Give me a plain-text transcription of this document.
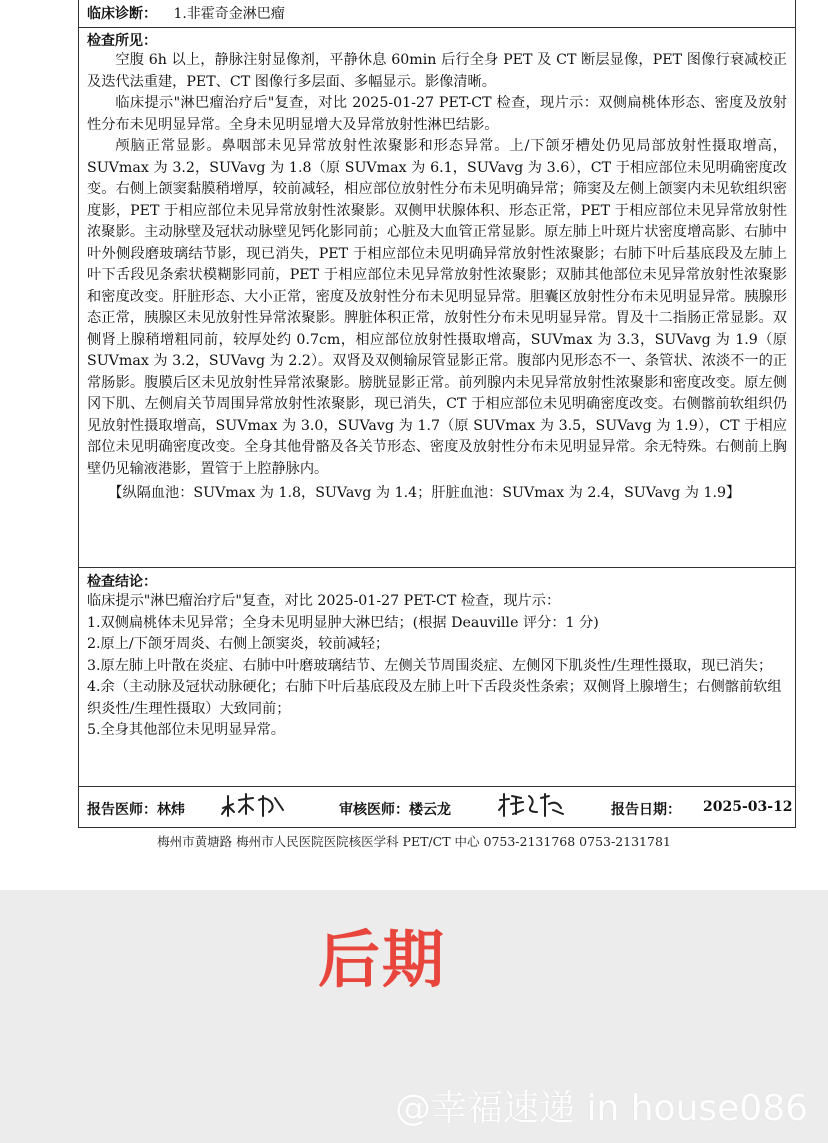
临床诊断： 1.非霍奇金淋巴瘤
检查所见：

空腹 6h 以上，静脉注射显像剂，平静休息 60min 后行全身 PET 及 CT 断层显像，PET 图像行衰减校正及迭代法重建，PET、CT 图像行多层面、多幅显示。影像清晰。

临床提示"淋巴瘤治疗后"复查，对比 2025-01-27 PET-CT 检查，现片示：双侧扁桃体形态、密度及放射性分布未见明显异常。全身未见明显增大及异常放射性淋巴结影。

颅脑正常显影。鼻咽部未见异常放射性浓聚影和形态异常。上/下颌牙槽处仍见局部放射性摄取增高，SUVmax 为 3.2，SUVavg 为 1.8（原 SUVmax 为 6.1，SUVavg 为 3.6），CT 于相应部位未见明确密度改变。右侧上颌窦黏膜稍增厚，较前减轻，相应部位放射性分布未见明确异常；筛窦及左侧上颌窦内未见软组织密度影，PET 于相应部位未见异常放射性浓聚影。双侧甲状腺体积、形态正常，PET 于相应部位未见异常放射性浓聚影。主动脉壁及冠状动脉壁见钙化影同前；心脏及大血管正常显影。原左肺上叶斑片状密度增高影、右肺中叶外侧段磨玻璃结节影，现已消失，PET 于相应部位未见明确异常放射性浓聚影；右肺下叶后基底段及左肺上叶下舌段见条索状模糊影同前，PET 于相应部位未见异常放射性浓聚影；双肺其他部位未见异常放射性浓聚影和密度改变。肝脏形态、大小正常，密度及放射性分布未见明显异常。胆囊区放射性分布未见明显异常。胰腺形态正常，胰腺区未见放射性异常浓聚影。脾脏体积正常，放射性分布未见明显异常。胃及十二指肠正常显影。双侧肾上腺稍增粗同前，较厚处约 0.7cm，相应部位放射性摄取增高，SUVmax 为 3.3，SUVavg 为 1.9（原 SUVmax 为 3.2，SUVavg 为 2.2）。双肾及双侧输尿管显影正常。腹部内见形态不一、条管状、浓淡不一的正常肠影。腹膜后区未见放射性异常浓聚影。膀胱显影正常。前列腺内未见异常放射性浓聚影和密度改变。原左侧冈下肌、左侧肩关节周围异常放射性浓聚影，现已消失，CT 于相应部位未见明确密度改变。右侧髂前软组织仍见放射性摄取增高，SUVmax 为 3.0，SUVavg 为 1.7（原 SUVmax 为 3.5，SUVavg 为 1.9），CT 于相应部位未见明确密度改变。全身其他骨骼及各关节形态、密度及放射性分布未见明显异常。余无特殊。右侧前上胸壁仍见输液港影，置管于上腔静脉内。

【纵隔血池：SUVmax 为 1.8，SUVavg 为 1.4；肝脏血池：SUVmax 为 2.4，SUVavg 为 1.9】

检查结论：

临床提示"淋巴瘤治疗后"复查，对比 2025-01-27 PET-CT 检查，现片示：

1.双侧扁桃体未见异常；全身未见明显肿大淋巴结；(根据 Deauville 评分：1 分)

2.原上/下颌牙周炎、右侧上颌窦炎，较前减轻；

3.原左肺上叶散在炎症、右肺中叶磨玻璃结节、左侧关节周围炎症、左侧冈下肌炎性/生理性摄取，现已消失；

4.余（主动脉及冠状动脉硬化；右肺下叶后基底段及左肺上叶下舌段炎性条索；双侧肾上腺增生；右侧髂前软组织炎性/生理性摄取）大致同前；

5.全身其他部位未见明显异常。

报告医师：林炜	审核医师：楼云龙	报告日期： 2025-03-12
梅州市黄塘路 梅州市人民医院医院核医学科 PET/CT 中心 0753-2131768 0753-2131781
后期
@幸福速递 in house086
